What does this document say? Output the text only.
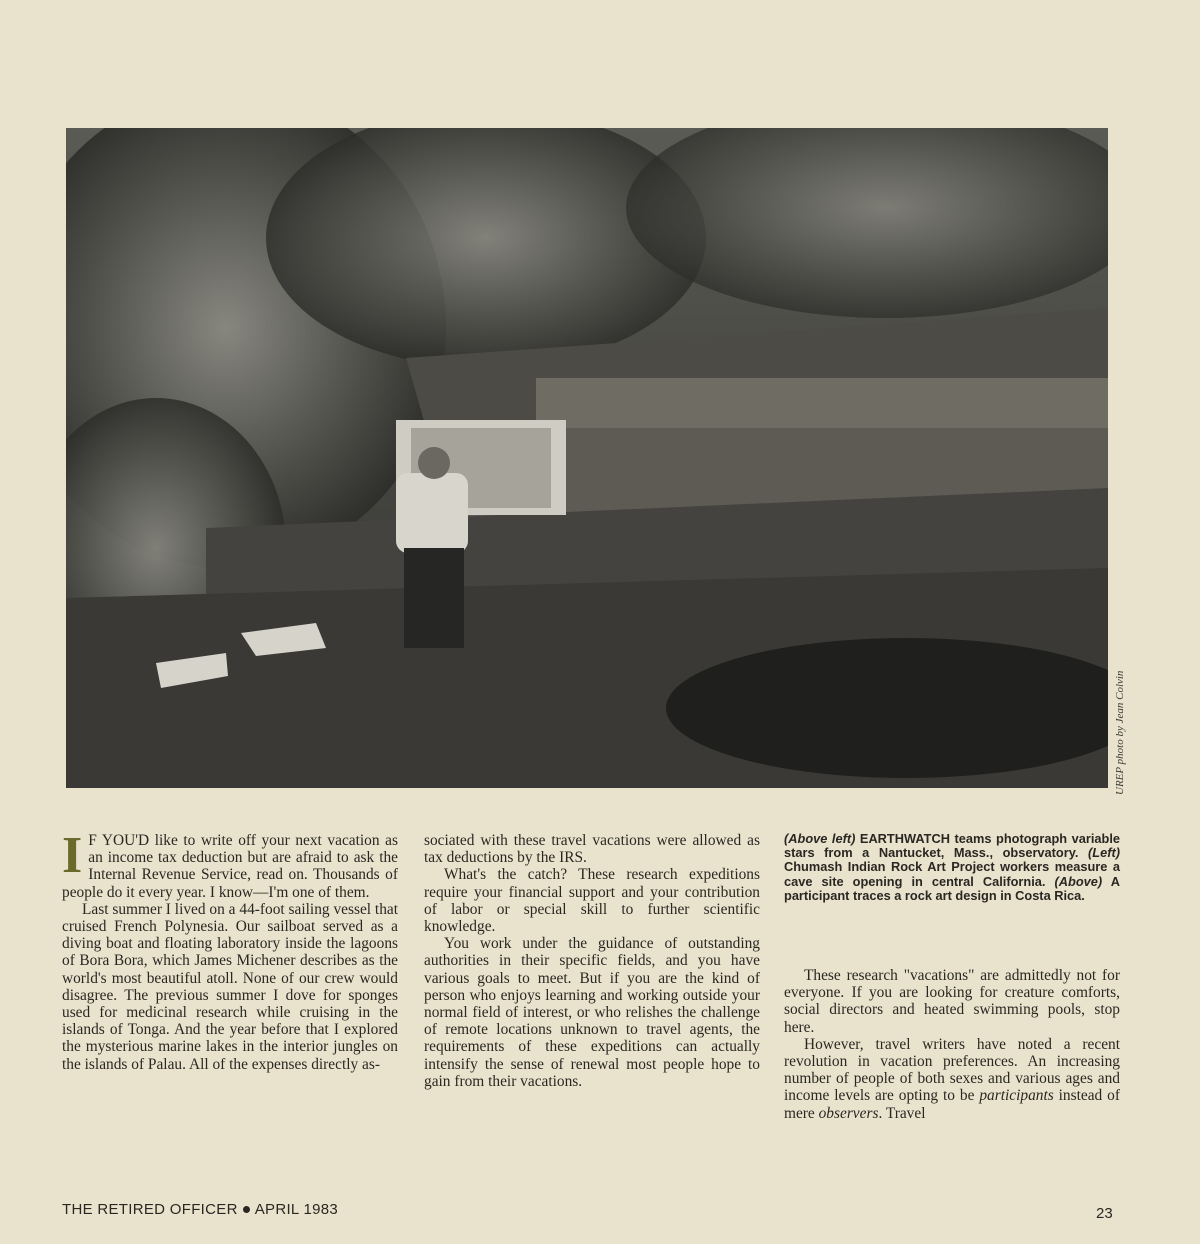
UREP photo by Jean Colvin

I F YOU'D like to write off your next vacation as an income tax deduction but are afraid to ask the Internal Revenue Service, read on. Thousands of people do it every year. I know—I'm one of them.

Last summer I lived on a 44-foot sailing vessel that cruised French Polynesia. Our sailboat served as a diving boat and floating laboratory inside the lagoons of Bora Bora, which James Michener describes as the world's most beautiful atoll. None of our crew would disagree. The previous summer I dove for sponges used for medicinal research while cruising in the islands of Tonga. And the year before that I explored the mysterious marine lakes in the interior jungles on the islands of Palau. All of the expenses directly as-

sociated with these travel vacations were allowed as tax deductions by the IRS.

What's the catch? These research expeditions require your financial support and your contribution of labor or special skill to further scientific knowledge.

You work under the guidance of outstanding authorities in their specific fields, and you have various goals to meet. But if you are the kind of person who enjoys learning and working outside your normal field of interest, or who relishes the challenge of remote locations unknown to travel agents, the requirements of these expeditions can actually intensify the sense of renewal most people hope to gain from their vacations.

(Above left) EARTHWATCH teams photograph variable stars from a Nantucket, Mass., observatory. (Left) Chumash Indian Rock Art Project workers measure a cave site opening in central California. (Above) A participant traces a rock art design in Costa Rica.

These research "vacations" are admittedly not for everyone. If you are looking for creature comforts, social directors and heated swimming pools, stop here.

However, travel writers have noted a recent revolution in vacation preferences. An increasing number of people of both sexes and various ages and income levels are opting to be participants instead of mere observers. Travel

THE RETIRED OFFICER APRIL 1983	23
